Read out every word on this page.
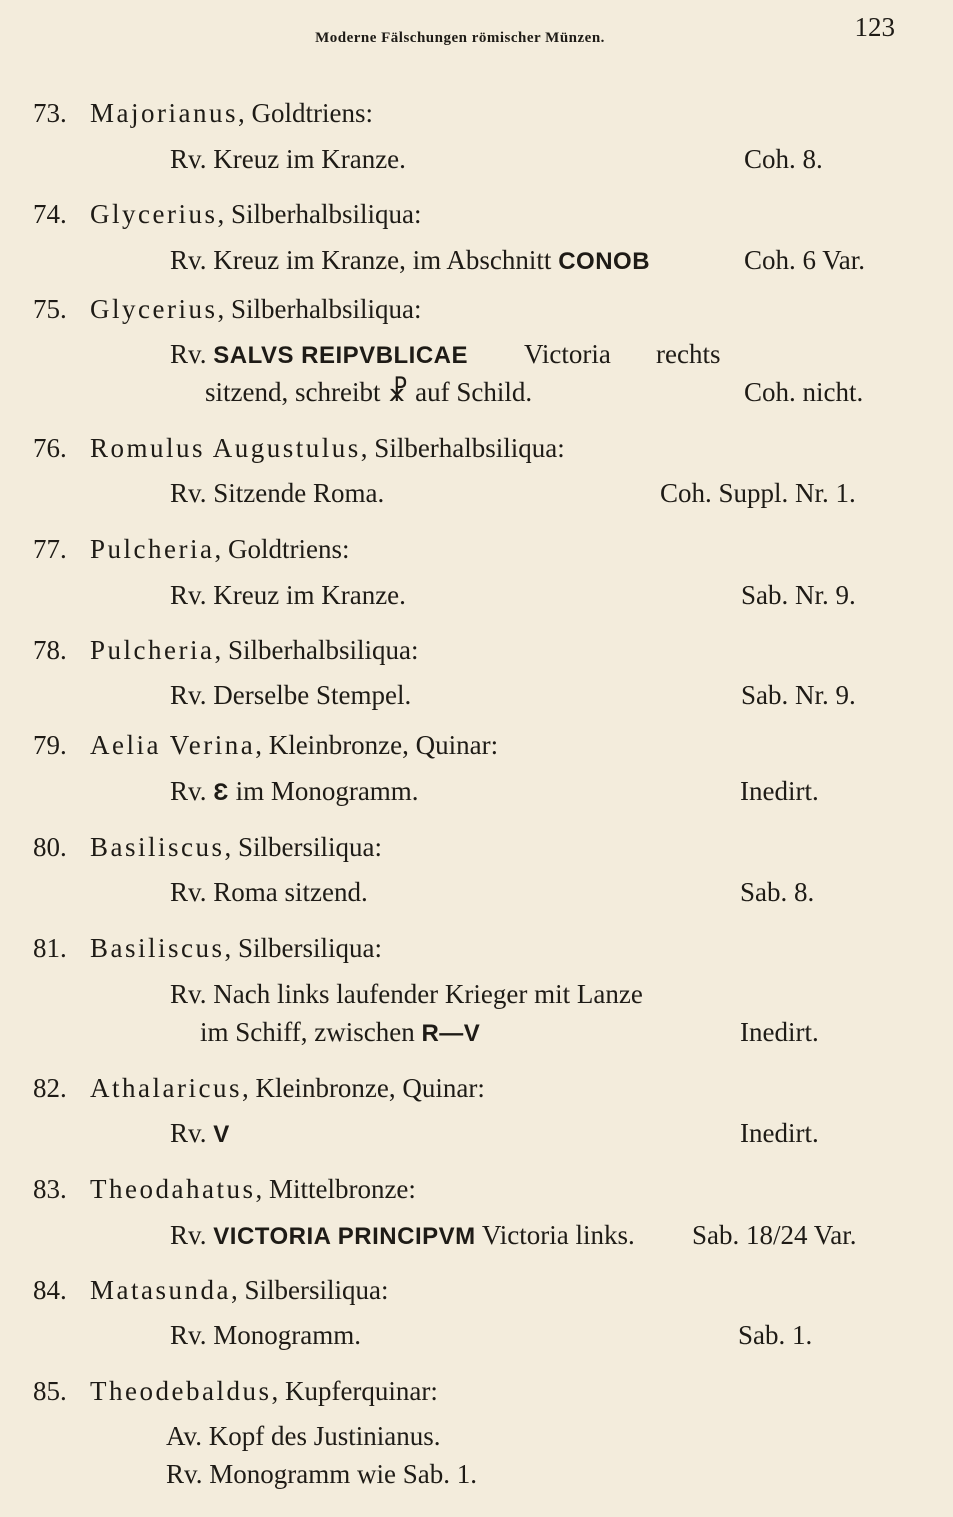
Moderne Fälschungen römischer Münzen.	123
73. Majorianus, Goldtriens:
Rv. Kreuz im Kranze.	Coh. 8.
74. Glycerius, Silberhalbsiliqua:
Rv. Kreuz im Kranze, im Abschnitt CONOB	Coh. 6 Var.
75. Glycerius, Silberhalbsiliqua:
Rv. SALVS REIPVBLICAE Victoria rechts
sitzend, schreibt ☧ auf Schild.	Coh. nicht.
76. Romulus Augustulus, Silberhalbsiliqua:
Rv. Sitzende Roma.	Coh. Suppl. Nr. 1.
77. Pulcheria, Goldtriens:
Rv. Kreuz im Kranze.	Sab. Nr. 9.
78. Pulcheria, Silberhalbsiliqua:
Rv. Derselbe Stempel.	Sab. Nr. 9.
79. Aelia Verina, Kleinbronze, Quinar:
Rv. Ɛ im Monogramm.	Inedirt.
80. Basiliscus, Silbersiliqua:
Rv. Roma sitzend.	Sab. 8.
81. Basiliscus, Silbersiliqua:
Rv. Nach links laufender Krieger mit Lanze
im Schiff, zwischen R—V	Inedirt.
82. Athalaricus, Kleinbronze, Quinar:
Rv. V	Inedirt.
83. Theodahatus, Mittelbronze:
Rv. VICTORIA PRINCIPVM Victoria links. Sab. 18/24 Var.
84. Matasunda, Silbersiliqua:
Rv. Monogramm.	Sab. 1.
85. Theodebaldus, Kupferquinar:
Av. Kopf des Justinianus.
Rv. Monogramm wie Sab. 1.
